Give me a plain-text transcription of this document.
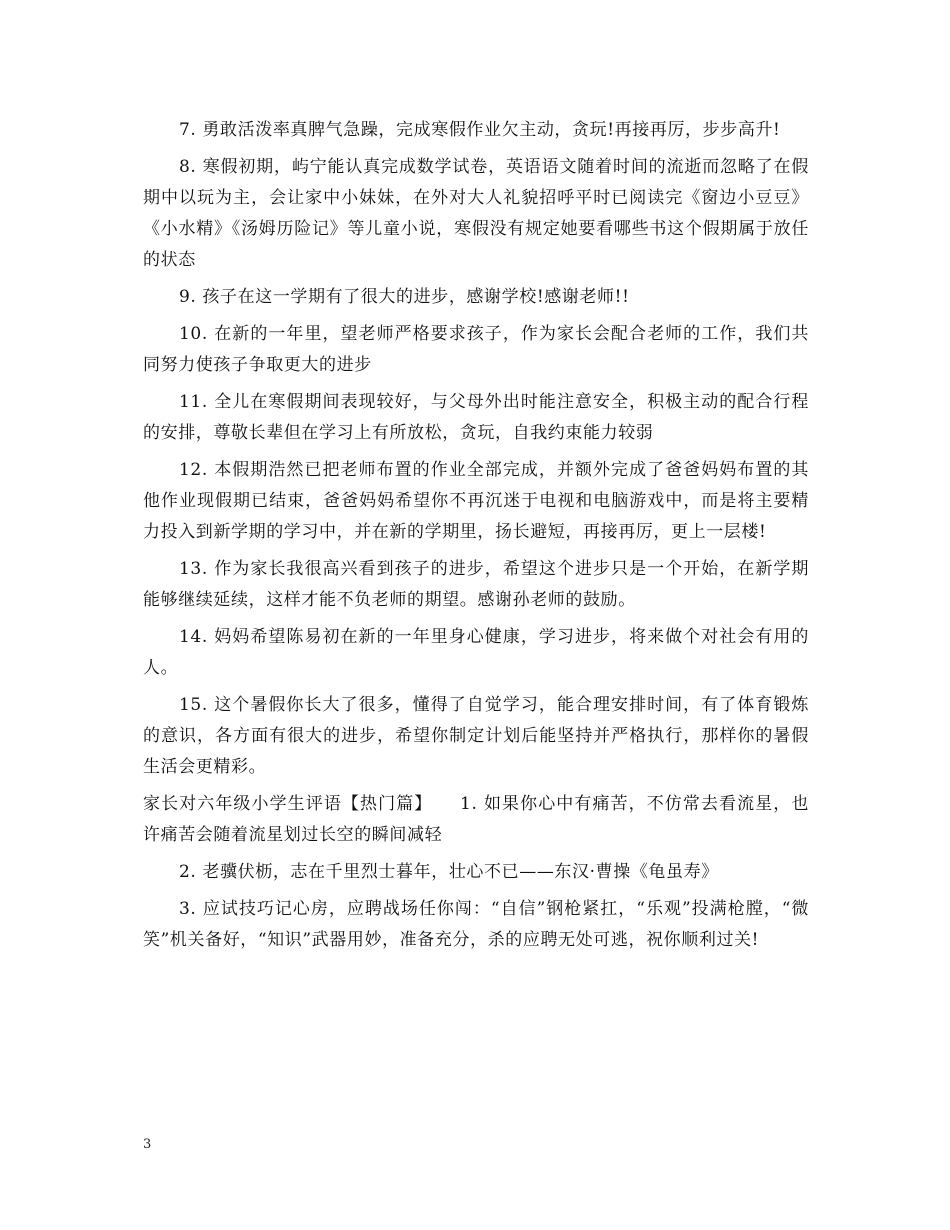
7. 勇敢活泼率真脾气急躁，完成寒假作业欠主动，贪玩!再接再厉，步步高升!

8. 寒假初期，屿宁能认真完成数学试卷，英语语文随着时间的流逝而忽略了在假期中以玩为主，会让家中小妹妹，在外对大人礼貌招呼平时已阅读完《窗边小豆豆》《小水精》《汤姆历险记》等儿童小说，寒假没有规定她要看哪些书这个假期属于放任的状态

9. 孩子在这一学期有了很大的进步，感谢学校!感谢老师!!

10. 在新的一年里，望老师严格要求孩子，作为家长会配合老师的工作，我们共同努力使孩子争取更大的进步

11. 全儿在寒假期间表现较好，与父母外出时能注意安全，积极主动的配合行程的安排，尊敬长辈但在学习上有所放松，贪玩，自我约束能力较弱

12. 本假期浩然已把老师布置的作业全部完成，并额外完成了爸爸妈妈布置的其他作业现假期已结束，爸爸妈妈希望你不再沉迷于电视和电脑游戏中，而是将主要精力投入到新学期的学习中，并在新的学期里，扬长避短，再接再厉，更上一层楼!

13. 作为家长我很高兴看到孩子的进步，希望这个进步只是一个开始，在新学期能够继续延续，这样才能不负老师的期望。感谢孙老师的鼓励。

14. 妈妈希望陈易初在新的一年里身心健康，学习进步，将来做个对社会有用的人。

15. 这个暑假你长大了很多，懂得了自觉学习，能合理安排时间，有了体育锻炼的意识，各方面有很大的进步，希望你制定计划后能坚持并严格执行，那样你的暑假生活会更精彩。

家长对六年级小学生评语【热门篇】　　1. 如果你心中有痛苦，不仿常去看流星，也许痛苦会随着流星划过长空的瞬间减轻

2. 老骥伏枥，志在千里烈士暮年，壮心不已——东汉·曹操《龟虽寿》

3. 应试技巧记心房，应聘战场任你闯：“自信”钢枪紧扛，“乐观”投满枪膛，“微笑”机关备好，“知识”武器用妙，准备充分，杀的应聘无处可逃，祝你顺利过关!

3
